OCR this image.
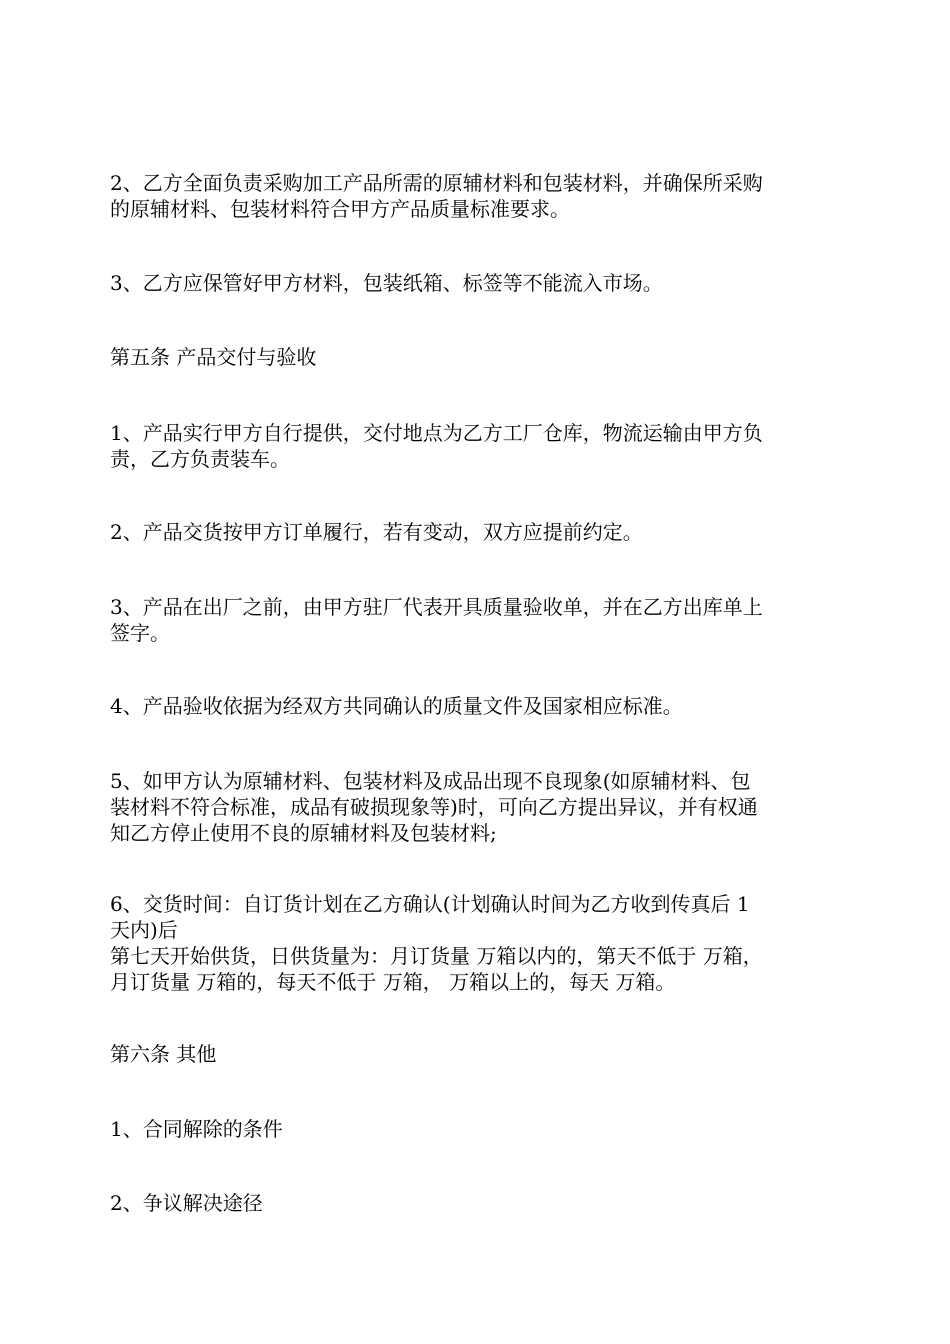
2、乙方全面负责采购加工产品所需的原辅材料和包装材料，并确保所采购
的原辅材料、包装材料符合甲方产品质量标准要求。
3、乙方应保管好甲方材料，包装纸箱、标签等不能流入市场。
第五条 产品交付与验收
1、产品实行甲方自行提供，交付地点为乙方工厂仓库，物流运输由甲方负
责，乙方负责装车。
2、产品交货按甲方订单履行，若有变动，双方应提前约定。
3、产品在出厂之前，由甲方驻厂代表开具质量验收单，并在乙方出库单上
签字。
4、产品验收依据为经双方共同确认的质量文件及国家相应标准。
5、如甲方认为原辅材料、包装材料及成品出现不良现象(如原辅材料、包
装材料不符合标准，成品有破损现象等)时，可向乙方提出异议，并有权通
知乙方停止使用不良的原辅材料及包装材料;
6、交货时间：自订货计划在乙方确认(计划确认时间为乙方收到传真后 1
天内)后
第七天开始供货，日供货量为：月订货量 万箱以内的，第天不低于 万箱，
月订货量 万箱的，每天不低于 万箱， 万箱以上的，每天 万箱。
第六条 其他
1、合同解除的条件
2、争议解决途径
